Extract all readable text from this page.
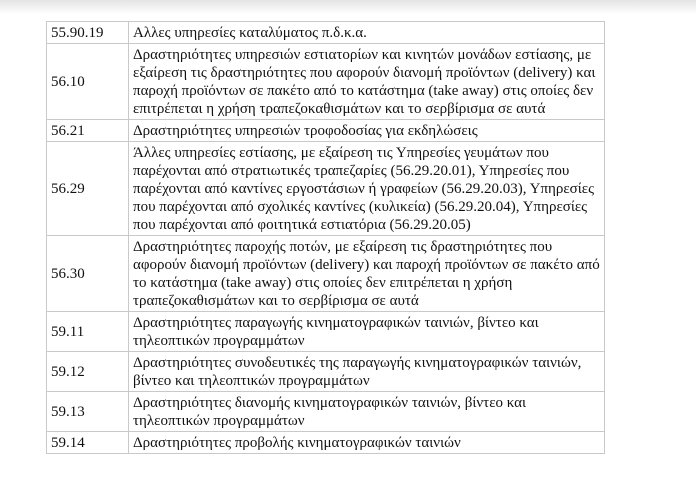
55.90.19	Αλλες υπηρεσίες καταλύματος π.δ.κ.α.
56.10	Δραστηριότητες υπηρεσιών εστιατορίων και κινητών μονάδων εστίασης, με εξαίρεση τις δραστηριότητες που αφορούν διανομή προϊόντων (delivery) και παροχή προϊόντων σε πακέτο από το κατάστημα (take away) στις οποίες δεν επιτρέπεται η χρήση τραπεζοκαθισμάτων και το σερβίρισμα σε αυτά
56.21	Δραστηριότητες υπηρεσιών τροφοδοσίας για εκδηλώσεις
56.29	Άλλες υπηρεσίες εστίασης, με εξαίρεση τις Υπηρεσίες γευμάτων που παρέχονται από στρατιωτικές τραπεζαρίες (56.29.20.01), Υπηρεσίες που παρέχονται από καντίνες εργοστάσιων ή γραφείων (56.29.20.03), Υπηρεσίες που παρέχονται από σχολικές καντίνες (κυλικεία) (56.29.20.04), Υπηρεσίες που παρέχονται από φοιτητικά εστιατόρια (56.29.20.05)
56.30	Δραστηριότητες παροχής ποτών, με εξαίρεση τις δραστηριότητες που αφορούν διανομή προϊόντων (delivery) και παροχή προϊόντων σε πακέτο από το κατάστημα (take away) στις οποίες δεν επιτρέπεται η χρήση τραπεζοκαθισμάτων και το σερβίρισμα σε αυτά
59.11	Δραστηριότητες παραγωγής κινηματογραφικών ταινιών, βίντεο και τηλεοπτικών προγραμμάτων
59.12	Δραστηριότητες συνοδευτικές της παραγωγής κινηματογραφικών ταινιών, βίντεο και τηλεοπτικών προγραμμάτων
59.13	Δραστηριότητες διανομής κινηματογραφικών ταινιών, βίντεο και τηλεοπτικών προγραμμάτων
59.14	Δραστηριότητες προβολής κινηματογραφικών ταινιών
